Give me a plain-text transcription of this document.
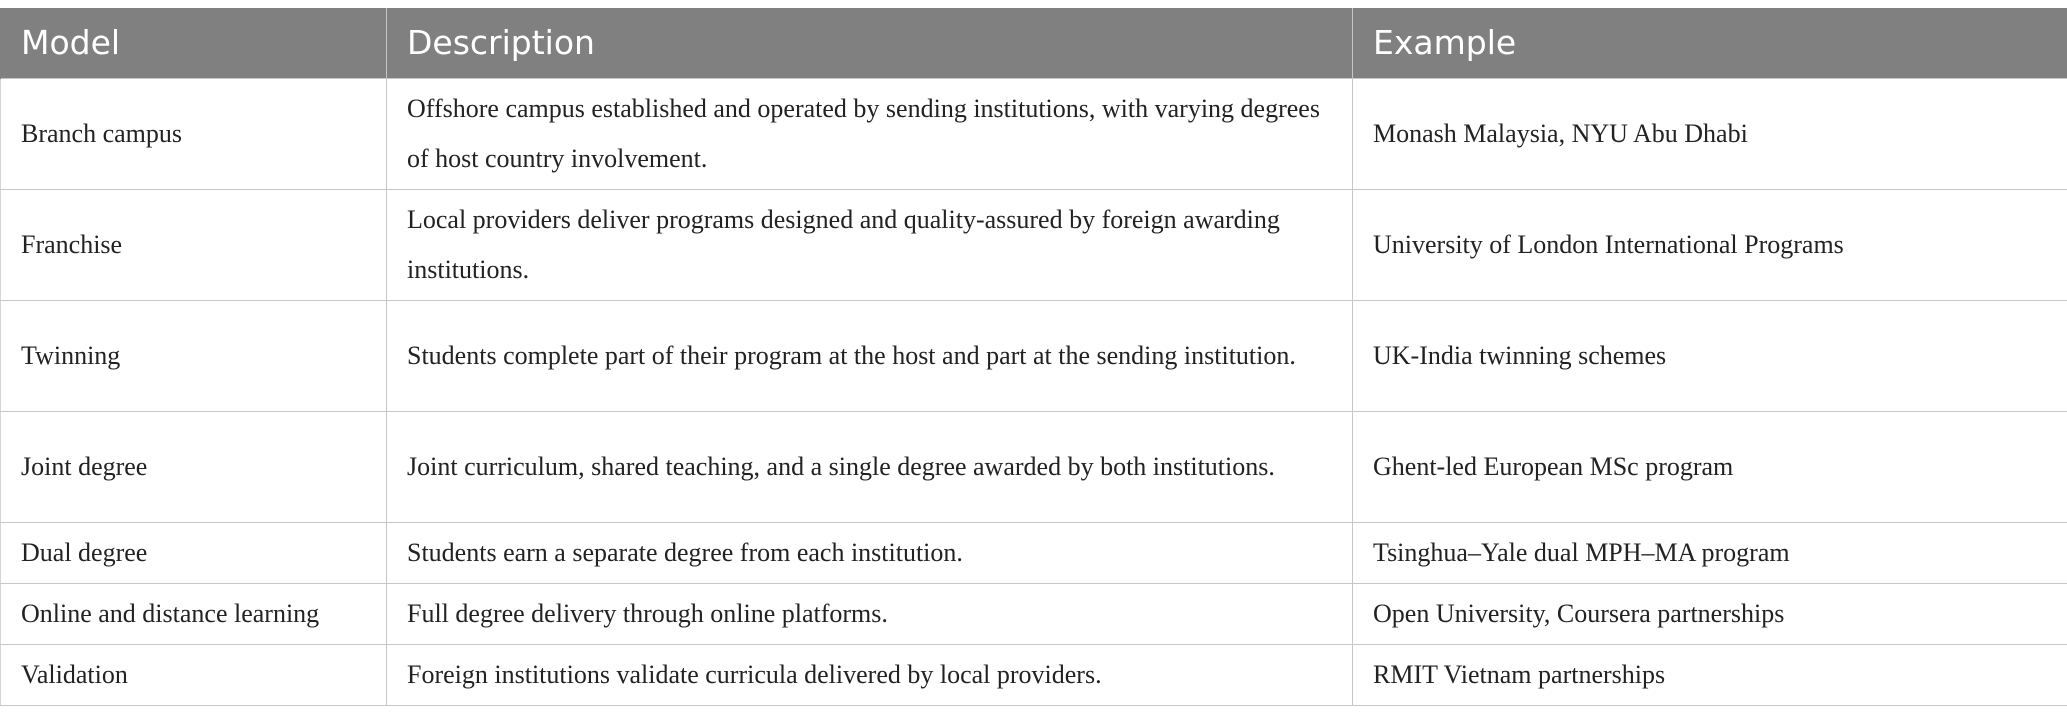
Model	Description	Example
Branch campus	Offshore campus established and operated by sending institutions, with varying degrees of host country involvement.	Monash Malaysia, NYU Abu Dhabi
Franchise	Local providers deliver programs designed and quality-assured by foreign awarding institutions.	University of London International Programs
Twinning	Students complete part of their program at the host and part at the sending institution.	UK-India twinning schemes
Joint degree	Joint curriculum, shared teaching, and a single degree awarded by both institutions.	Ghent-led European MSc program
Dual degree	Students earn a separate degree from each institution.	Tsinghua–Yale dual MPH–MA program
Online and distance learning	Full degree delivery through online platforms.	Open University, Coursera partnerships
Validation	Foreign institutions validate curricula delivered by local providers.	RMIT Vietnam partnerships
